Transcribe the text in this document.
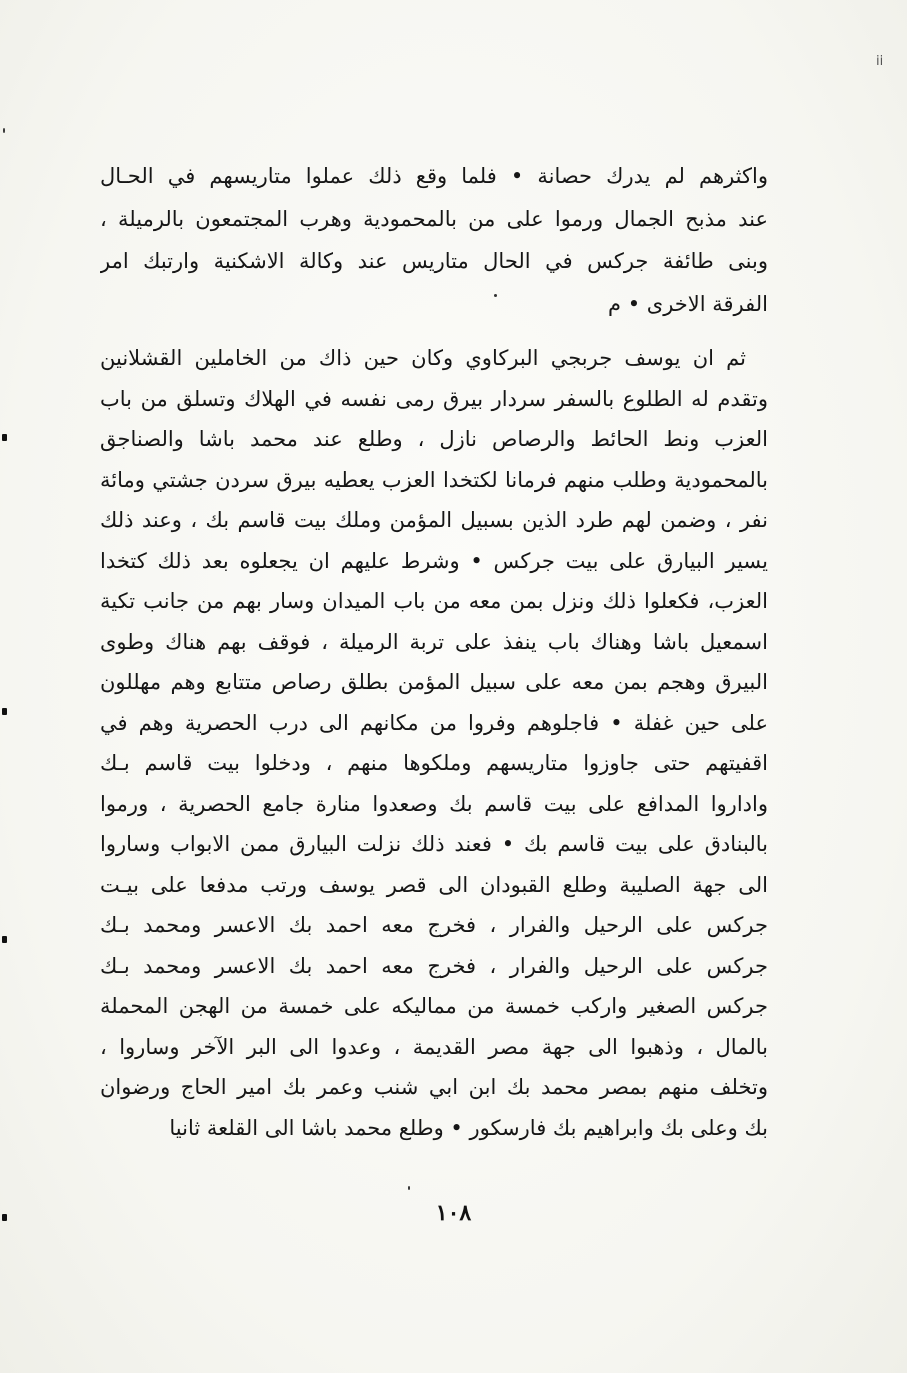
ii
واكثرهم لم يدرك حصانة • فلما وقع ذلك عملوا متاريسهم في الحـال
عند مذبح الجمال ورموا على من بالمحمودية وهرب المجتمعون بالرميلة ،
وبنى طائفة جركس في الحال متاريس عند وكالة الاشكنية وارتبك امر
الفرقة الاخرى • م
ثم ان يوسف جربجي البركاوي وكان حين ذاك من الخاملين القشلانين
وتقدم له الطلوع بالسفر سردار بيرق رمى نفسه في الهلاك وتسلق من باب
العزب ونط الحائط والرصاص نازل ، وطلع عند محمد باشا والصناجق
بالمحمودية وطلب منهم فرمانا لكتخدا العزب يعطيه بيرق سردن جشتي ومائة
نفر ، وضمن لهم طرد الذين بسبيل المؤمن وملك بيت قاسم بك ، وعند ذلك
يسير البيارق على بيت جركس • وشرط عليهم ان يجعلوه بعد ذلك كتخدا
العزب، فكعلوا ذلك ونزل بمن معه من باب الميدان وسار بهم من جانب تكية
اسمعيل باشا وهناك باب ينفذ على تربة الرميلة ، فوقف بهم هناك وطوى
البيرق وهجم بمن معه على سبيل المؤمن بطلق رصاص متتابع وهم مهللون
على حين غفلة • فاجلوهم وفروا من مكانهم الى درب الحصرية وهم في
اقفيتهم حتى جاوزوا متاريسهم وملكوها منهم ، ودخلوا بيت قاسم بـك
واداروا المدافع على بيت قاسم بك وصعدوا منارة جامع الحصرية ، ورموا
بالبنادق على بيت قاسم بك • فعند ذلك نزلت البيارق ممن الابواب وساروا
الى جهة الصليبة وطلع القبودان الى قصر يوسف ورتب مدفعا على بيـت
جركس على الرحيل والفرار ، فخرج معه احمد بك الاعسر ومحمد بـك
جركس على الرحيل والفرار ، فخرج معه احمد بك الاعسر ومحمد بـك
جركس الصغير واركب خمسة من مماليكه على خمسة من الهجن المحملة
بالمال ، وذهبوا الى جهة مصر القديمة ، وعدوا الى البر الآخر وساروا ،
وتخلف منهم بمصر محمد بك ابن ابي شنب وعمر بك امير الحاج ورضوان
بك وعلى بك وابراهيم بك فارسكور • وطلع محمد باشا الى القلعة ثانيا
١٠٨
